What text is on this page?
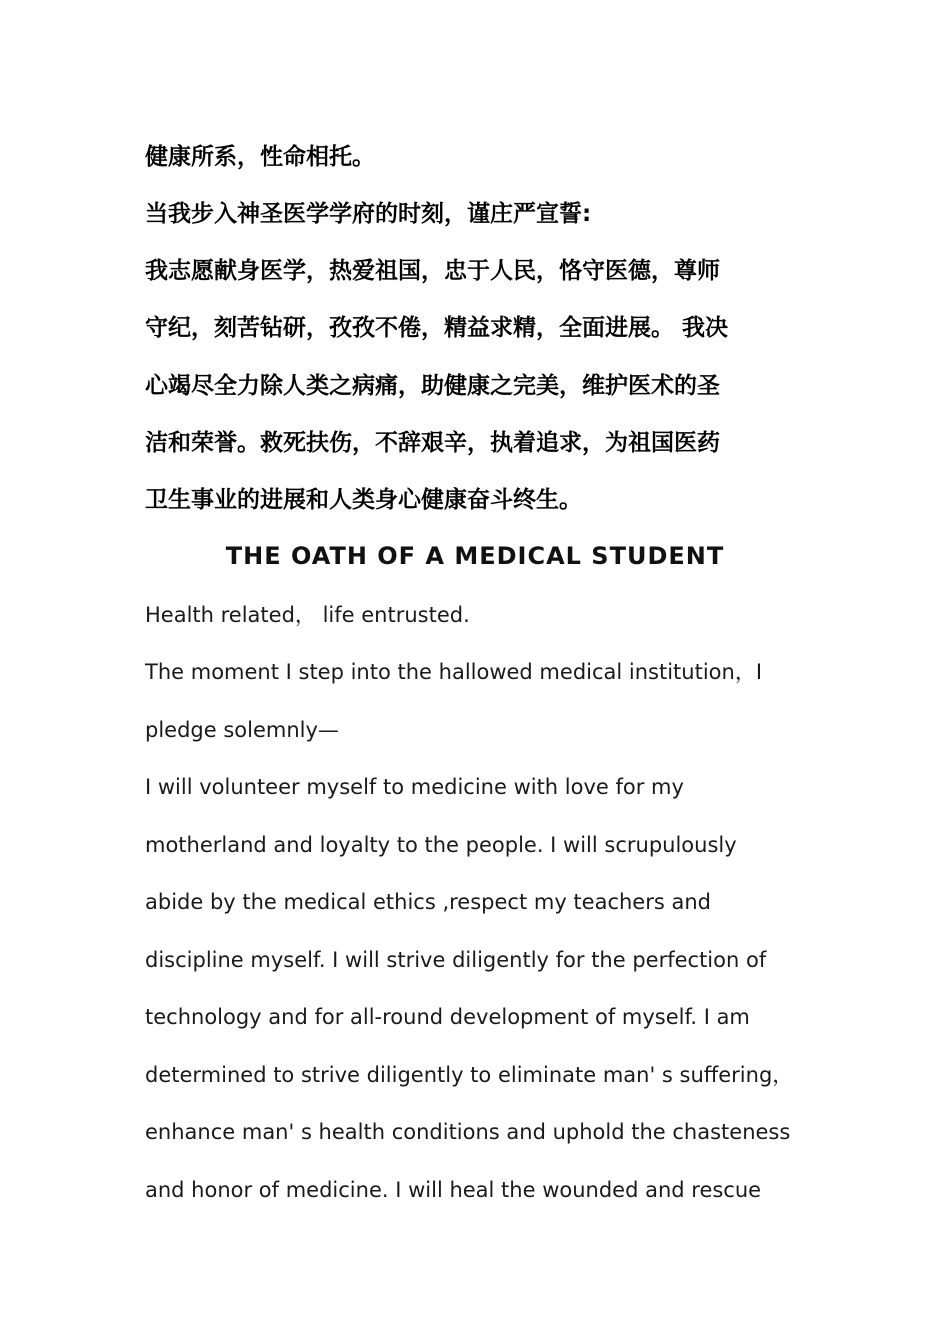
健康所系，性命相托。
当我步入神圣医学学府的时刻，谨庄严宣誓:
我志愿献身医学，热爱祖国，忠于人民，恪守医德，尊师
守纪，刻苦钻研，孜孜不倦，精益求精，全面进展。 我决
心竭尽全力除人类之病痛，助健康之完美，维护医术的圣
洁和荣誉。救死扶伤，不辞艰辛，执着追求，为祖国医药
卫生事业的进展和人类身心健康奋斗终生。
THE OATH OF A MEDICAL STUDENT
Health related， life entrusted.
The moment I step into the hallowed medical institution，I
pledge solemnly—
I will volunteer myself to medicine with love for my
motherland and loyalty to the people. I will scrupulously
abide by the medical ethics ,respect my teachers and
discipline myself. I will strive diligently for the perfection of
technology and for all-round development of myself. I am
determined to strive diligently to eliminate man' s suffering，
enhance man' s health conditions and uphold the chasteness
and honor of medicine. I will heal the wounded and rescue
